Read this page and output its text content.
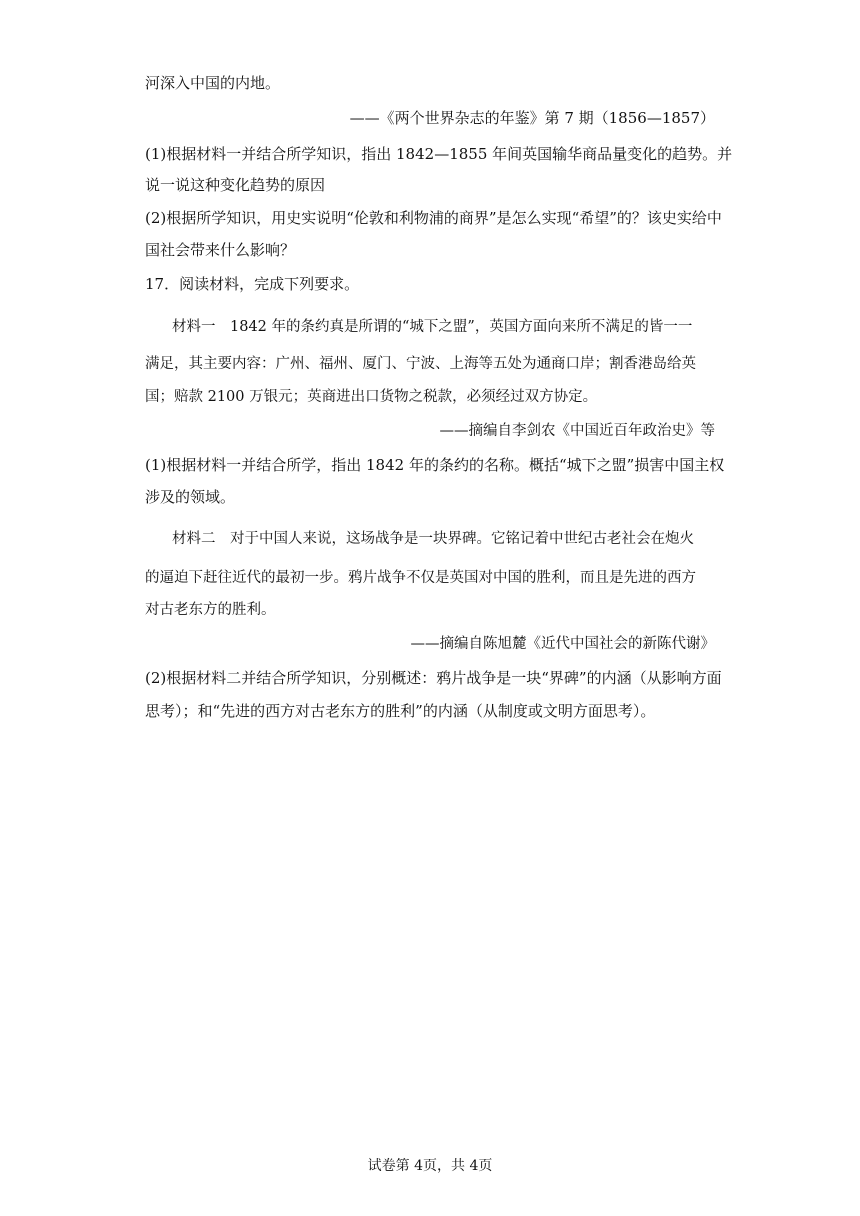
河深入中国的内地。
——《两个世界杂志的年鉴》第 7 期（1856—1857）
(1)根据材料一并结合所学知识，指出 1842—1855 年间英国输华商品量变化的趋势。并
说一说这种变化趋势的原因
(2)根据所学知识，用史实说明“伦敦和利物浦的商界”是怎么实现“希望”的？该史实给中
国社会带来什么影响？
17．阅读材料，完成下列要求。
材料一　1842 年的条约真是所谓的“城下之盟”，英国方面向来所不满足的皆一一
满足，其主要内容：广州、福州、厦门、宁波、上海等五处为通商口岸；割香港岛给英
国；赔款 2100 万银元；英商进出口货物之税款，必须经过双方协定。
——摘编自李剑农《中国近百年政治史》等
(1)根据材料一并结合所学，指出 1842 年的条约的名称。概括“城下之盟”损害中国主权
涉及的领域。
材料二　对于中国人来说，这场战争是一块界碑。它铭记着中世纪古老社会在炮火
的逼迫下赶往近代的最初一步。鸦片战争不仅是英国对中国的胜利，而且是先进的西方
对古老东方的胜利。
——摘编自陈旭麓《近代中国社会的新陈代谢》
(2)根据材料二并结合所学知识，分别概述：鸦片战争是一块“界碑”的内涵（从影响方面
思考）；和“先进的西方对古老东方的胜利”的内涵（从制度或文明方面思考）。
试卷第 4页，共 4页
